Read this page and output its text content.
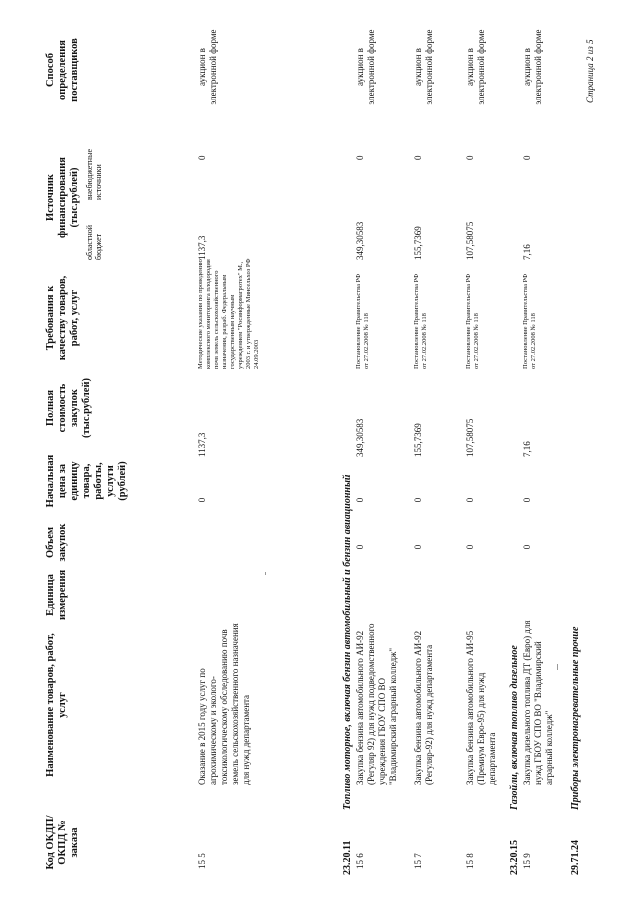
Код ОКДП/ ОКПД № заказа
Наименование товаров, работ, услуг
Единица измерения
Объем закупок
Начальная цена за единицу товара, работы, услуги (рублей)
Полная стоимость закупок (тыс.рублей)
Требования к качеству товаров, работ, услуг
Источник финансирования (тыс.рублей)
областной бюджет
внебюджетные источники
Способ определения поставщиков
15 5
Оказание в 2015 году услуг по агрохимическому и эколого-токсикологическому обследованию почв земель сельскохозяйственного назначения для нужд департамента
0
1137,3
Методические указания по проведению комплексного мониторинга плодородия почв земель сельскохозяйственного назначения, разраб. Федеральным государственным научным учреждением "Росинформагротех" М., 2003 г. и утвержденные Минсельхоз РФ 24.09.2003
1137,3
0
аукцион в электронной форме
23.20.11Топливо моторное, включая бензин автомобильный и бензин авиационный
15 6
Закупка бензина автомобильного АИ-92 (Регуляр 92) для нужд подведомственного учреждения ГБОУ СПО ВО "Владимирский аграрный колледж"
0
0
349,30583
Постановление Правительства РФ от 27.02.2008 № 118
349,30583
0
аукцион в электронной форме
15 7
Закупка бензина автомобильного АИ-92 (Регуляр-92) для нужд департамента
0
0
155,7369
Постановление Правительства РФ от 27.02.2008 № 118
155,7369
0
аукцион в электронной форме
15 8
Закупка бензина автомобильного АИ-95 (Премиум Евро-95) для нужд департамента
0
0
107,58075
Постановление Правительства РФ от 27.02.2008 № 118
107,58075
0
аукцион в электронной форме
23.20.15Газойли, включая топливо дизельное
15 9
Закупка дизельного топлива ДТ (Евро) для нужд ГБОУ СПО ВО "Владимирский аграрный колледж"
0
0
7,16
Постановление Правительства РФ от 27.02.2008 № 118
7,16
0
аукцион в электронной форме
29.71.24Приборы электронагревательные прочие
Страница 2 из 5
